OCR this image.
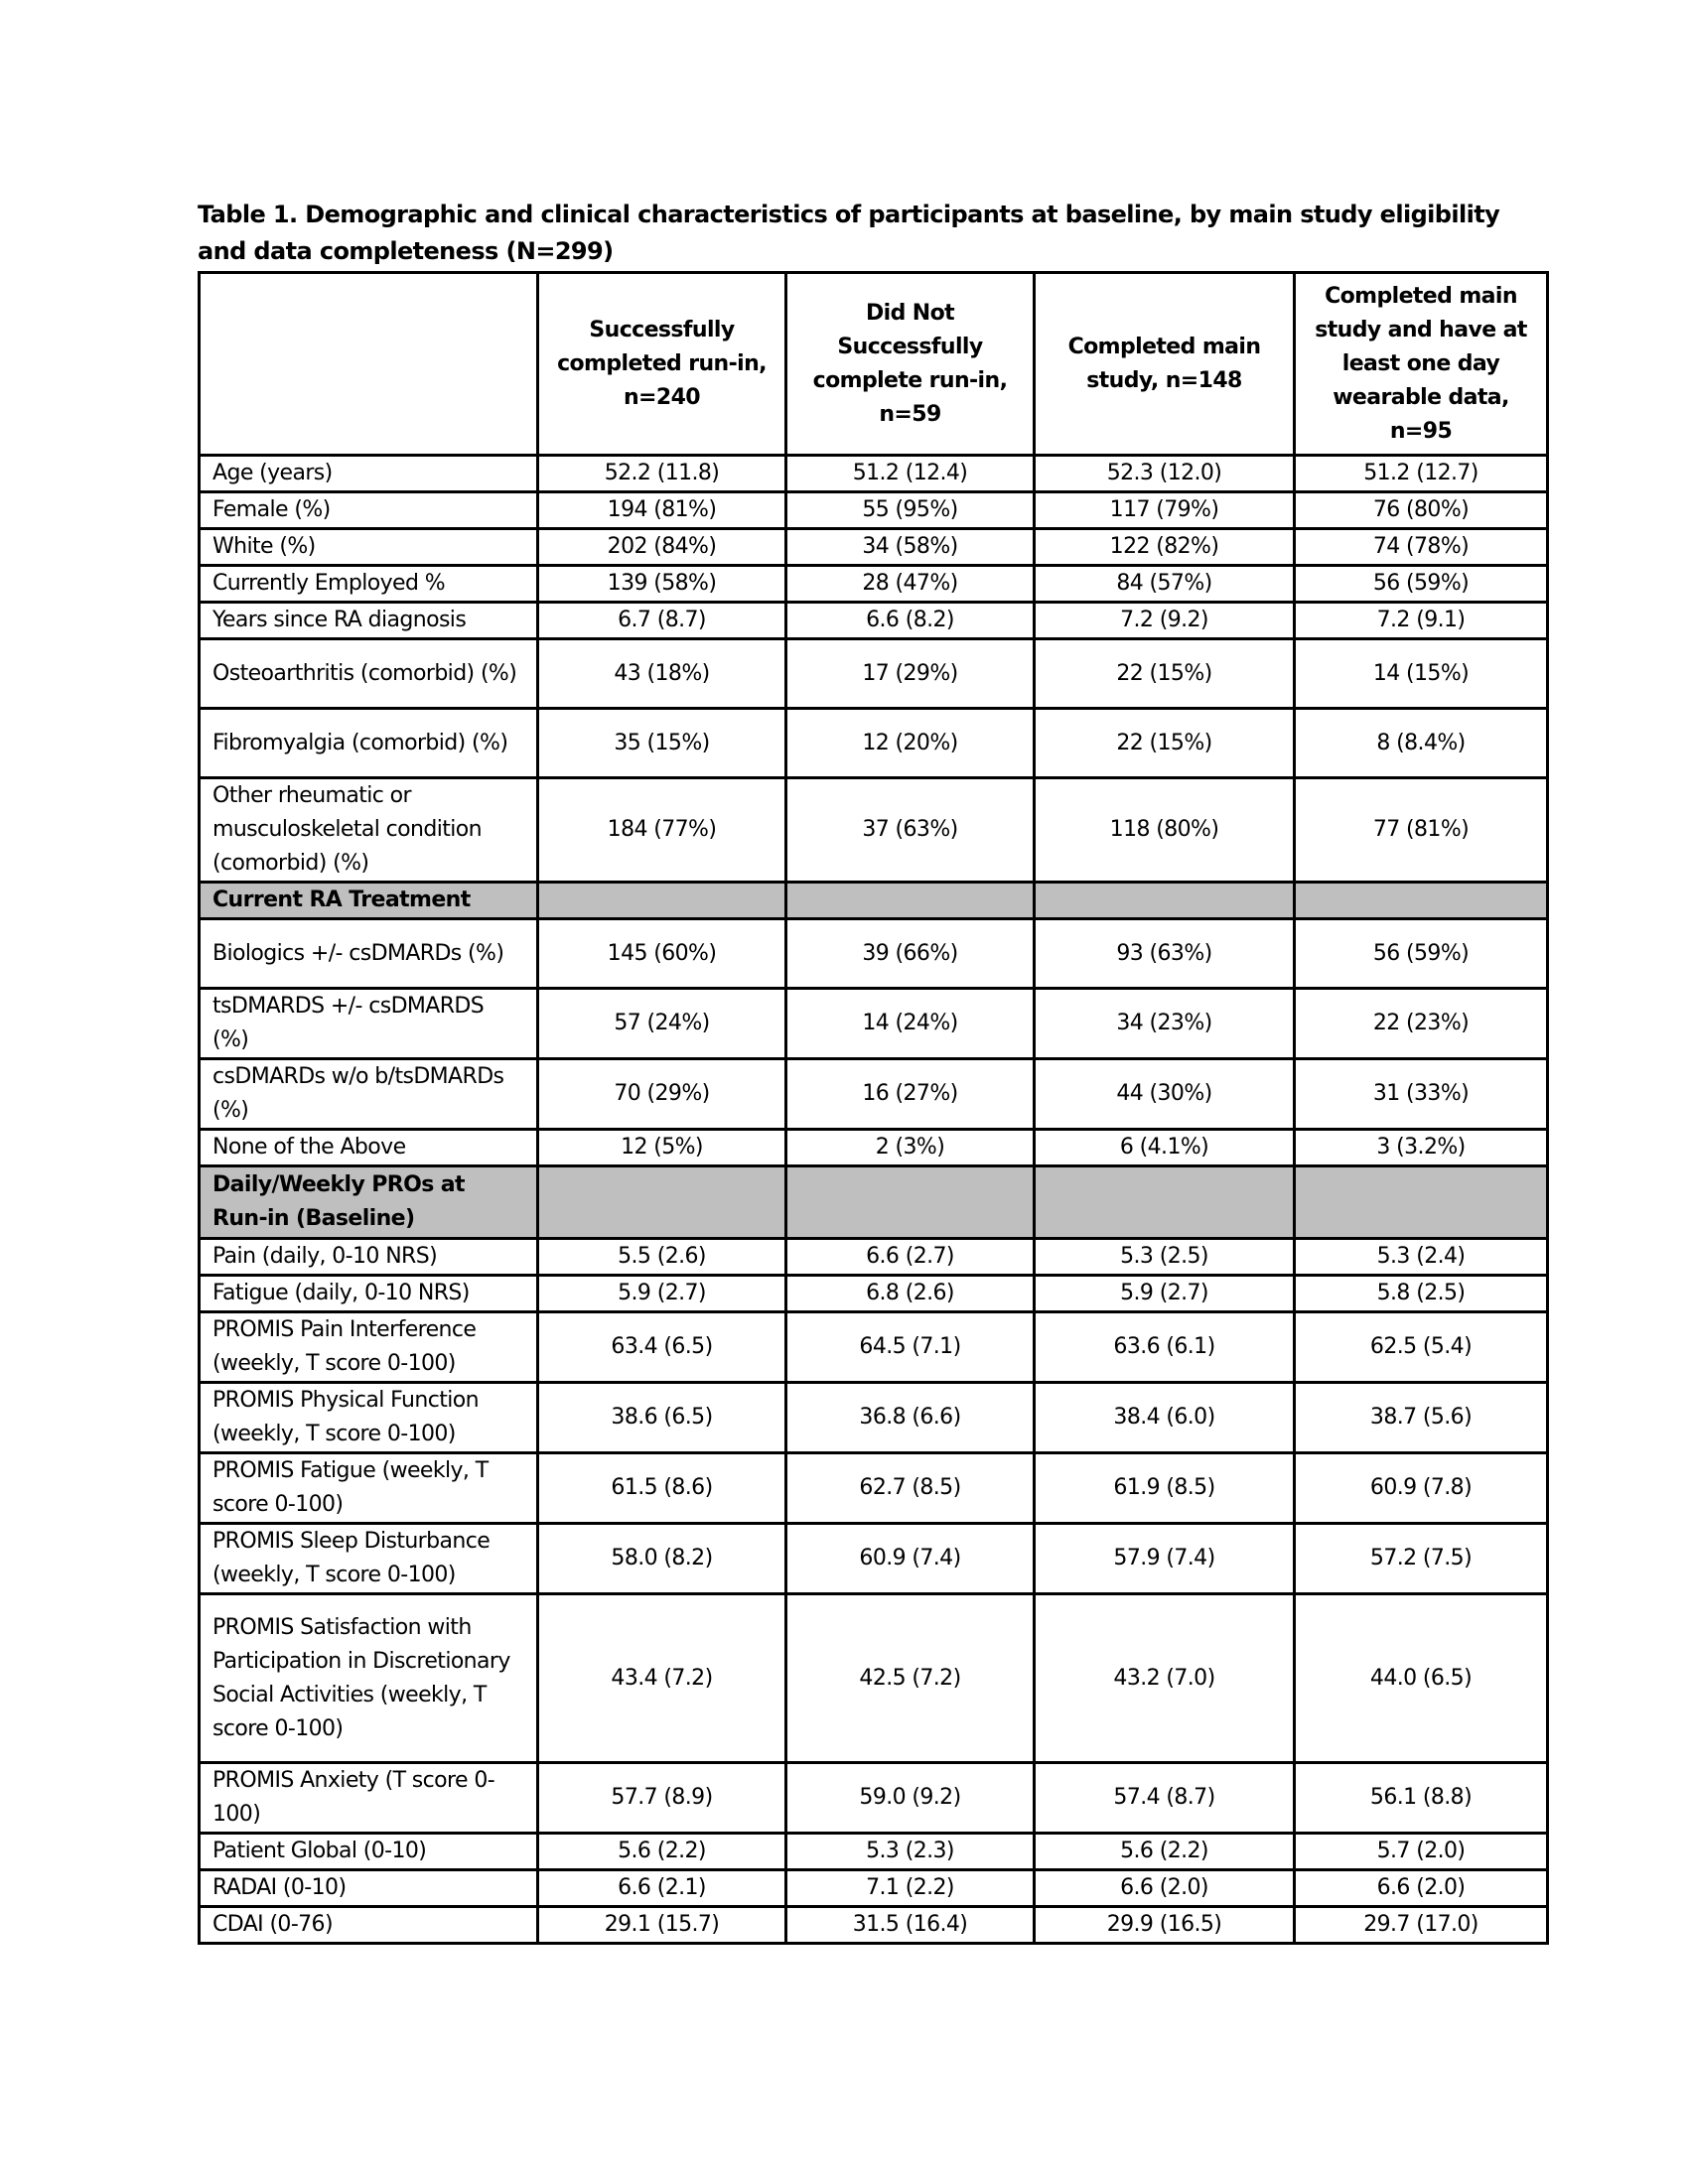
Table 1. Demographic and clinical characteristics of participants at baseline, by main study eligibility and data completeness (N=299)
	Successfully completed run-in, n=240	Did Not Successfully complete run-in, n=59	Completed main study, n=148	Completed main study and have at least one day wearable data, n=95
Age (years)	52.2 (11.8)	51.2 (12.4)	52.3 (12.0)	51.2 (12.7)
Female (%)	194 (81%)	55 (95%)	117 (79%)	76 (80%)
White (%)	202 (84%)	34 (58%)	122 (82%)	74 (78%)
Currently Employed %	139 (58%)	28 (47%)	84 (57%)	56 (59%)
Years since RA diagnosis	6.7 (8.7)	6.6 (8.2)	7.2 (9.2)	7.2 (9.1)
Osteoarthritis (comorbid) (%)	43 (18%)	17 (29%)	22 (15%)	14 (15%)
Fibromyalgia (comorbid) (%)	35 (15%)	12 (20%)	22 (15%)	8 (8.4%)
Other rheumatic or musculoskeletal condition (comorbid) (%)	184 (77%)	37 (63%)	118 (80%)	77 (81%)
Current RA Treatment				
Biologics +/- csDMARDs (%)	145 (60%)	39 (66%)	93 (63%)	56 (59%)
tsDMARDS +/- csDMARDS (%)	57 (24%)	14 (24%)	34 (23%)	22 (23%)
csDMARDs w/o b/tsDMARDs (%)	70 (29%)	16 (27%)	44 (30%)	31 (33%)
None of the Above	12 (5%)	2 (3%)	6 (4.1%)	3 (3.2%)
Daily/Weekly PROs at Run-in (Baseline)				
Pain (daily, 0-10 NRS)	5.5 (2.6)	6.6 (2.7)	5.3 (2.5)	5.3 (2.4)
Fatigue (daily, 0-10 NRS)	5.9 (2.7)	6.8 (2.6)	5.9 (2.7)	5.8 (2.5)
PROMIS Pain Interference (weekly, T score 0-100)	63.4 (6.5)	64.5 (7.1)	63.6 (6.1)	62.5 (5.4)
PROMIS Physical Function (weekly, T score 0-100)	38.6 (6.5)	36.8 (6.6)	38.4 (6.0)	38.7 (5.6)
PROMIS Fatigue (weekly, T score 0-100)	61.5 (8.6)	62.7 (8.5)	61.9 (8.5)	60.9 (7.8)
PROMIS Sleep Disturbance (weekly, T score 0-100)	58.0 (8.2)	60.9 (7.4)	57.9 (7.4)	57.2 (7.5)
PROMIS Satisfaction with Participation in Discretionary Social Activities (weekly, T score 0-100)	43.4 (7.2)	42.5 (7.2)	43.2 (7.0)	44.0 (6.5)
PROMIS Anxiety (T score 0-100)	57.7 (8.9)	59.0 (9.2)	57.4 (8.7)	56.1 (8.8)
Patient Global (0-10)	5.6 (2.2)	5.3 (2.3)	5.6 (2.2)	5.7 (2.0)
RADAI (0-10)	6.6 (2.1)	7.1 (2.2)	6.6 (2.0)	6.6 (2.0)
CDAI (0-76)	29.1 (15.7)	31.5 (16.4)	29.9 (16.5)	29.7 (17.0)
